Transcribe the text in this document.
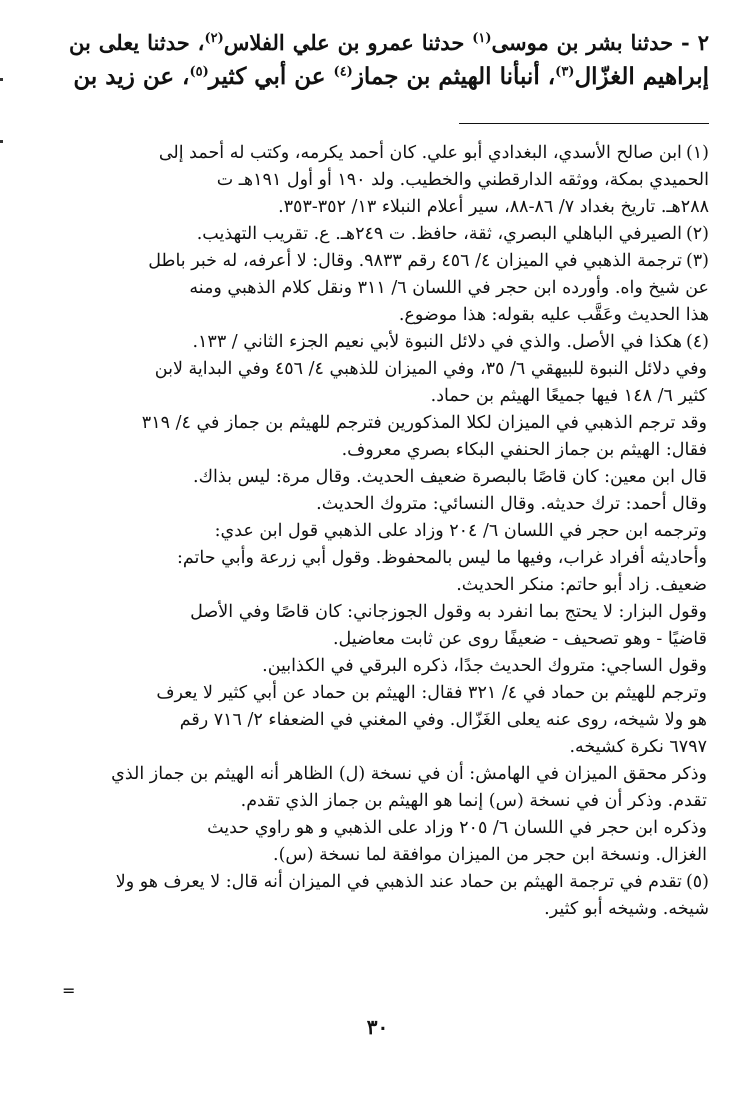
٢ - حدثنا بشر بن موسى$^{(١)}$ حدثنا عمرو بن علي الفلاس$^{(٢)}$، حدثنا يعلى بن
إبراهيم الغزّال$^{(٣)}$، أنبأنا الهيثم بن جماز$^{(٤)}$ عن أبي كثير$^{(٥)}$، عن زيد بن
(١)ابن صالح الأسدي، البغدادي أبو علي. كان أحمد يكرمه، وكتب له أحمد إلى
الحميدي بمكة، ووثقه الدارقطني والخطيب. ولد ١٩٠ أو أول ١٩١هـ ت
٢٨٨هـ. تاريخ بغداد ٧/ ٨٦-٨٨، سير أعلام النبلاء ١٣/ ٣٥٢-٣٥٣.
(٢)الصيرفي الباهلي البصري، ثقة، حافظ. ت ٢٤٩هـ. ع. تقريب التهذيب.
(٣)ترجمة الذهبي في الميزان ٤/ ٤٥٦ رقم ٩٨٣٣. وقال: لا أعرفه، له خبر باطل
عن شيخ واه. وأورده ابن حجر في اللسان ٦/ ٣١١ ونقل كلام الذهبي ومنه
هذا الحديث وعَقَّب عليه بقوله: هذا موضوع.
(٤)هكذا في الأصل. والذي في دلائل النبوة لأبي نعيم الجزء الثاني / ١٣٣.
وفي دلائل النبوة للبيهقي ٦/ ٣٥، وفي الميزان للذهبي ٤/ ٤٥٦ وفي البداية لابن
كثير ٦/ ١٤٨ فيها جميعًا الهيثم بن حماد.
وقد ترجم الذهبي في الميزان لكلا المذكورين فترجم للهيثم بن جماز في ٤/ ٣١٩
فقال: الهيثم بن جماز الحنفي البكاء بصري معروف.
قال ابن معين: كان قاصًا بالبصرة ضعيف الحديث. وقال مرة: ليس بذاك.
وقال أحمد: ترك حديثه. وقال النسائي: متروك الحديث.
وترجمه ابن حجر في اللسان ٦/ ٢٠٤ وزاد على الذهبي قول ابن عدي:
وأحاديثه أفراد غراب، وفيها ما ليس بالمحفوظ. وقول أبي زرعة وأبي حاتم:
ضعيف. زاد أبو حاتم: منكر الحديث.
وقول البزار: لا يحتج بما انفرد به وقول الجوزجاني: كان قاصًا وفي الأصل
قاضيًا - وهو تصحيف - ضعيفًا روى عن ثابت معاضيل.
وقول الساجي: متروك الحديث جدًا، ذكره البرقي في الكذابين.
وترجم للهيثم بن حماد في ٤/ ٣٢١ فقال: الهيثم بن حماد عن أبي كثير لا يعرف
هو ولا شيخه، روى عنه يعلى الغَزّال. وفي المغني في الضعفاء ٢/ ٧١٦ رقم
٦٧٩٧ نكرة كشيخه.
وذكر محقق الميزان في الهامش: أن في نسخة (ل) الظاهر أنه الهيثم بن جماز الذي
تقدم. وذكر أن في نسخة (س) إنما هو الهيثم بن جماز الذي تقدم.
وذكره ابن حجر في اللسان ٦/ ٢٠٥ وزاد على الذهبي و هو راوي حديث
الغزال. ونسخة ابن حجر من الميزان موافقة لما نسخة (س).
(٥)تقدم في ترجمة الهيثم بن حماد عند الذهبي في الميزان أنه قال: لا يعرف هو ولا
شيخه. وشيخه أبو كثير.
=
٣٠
